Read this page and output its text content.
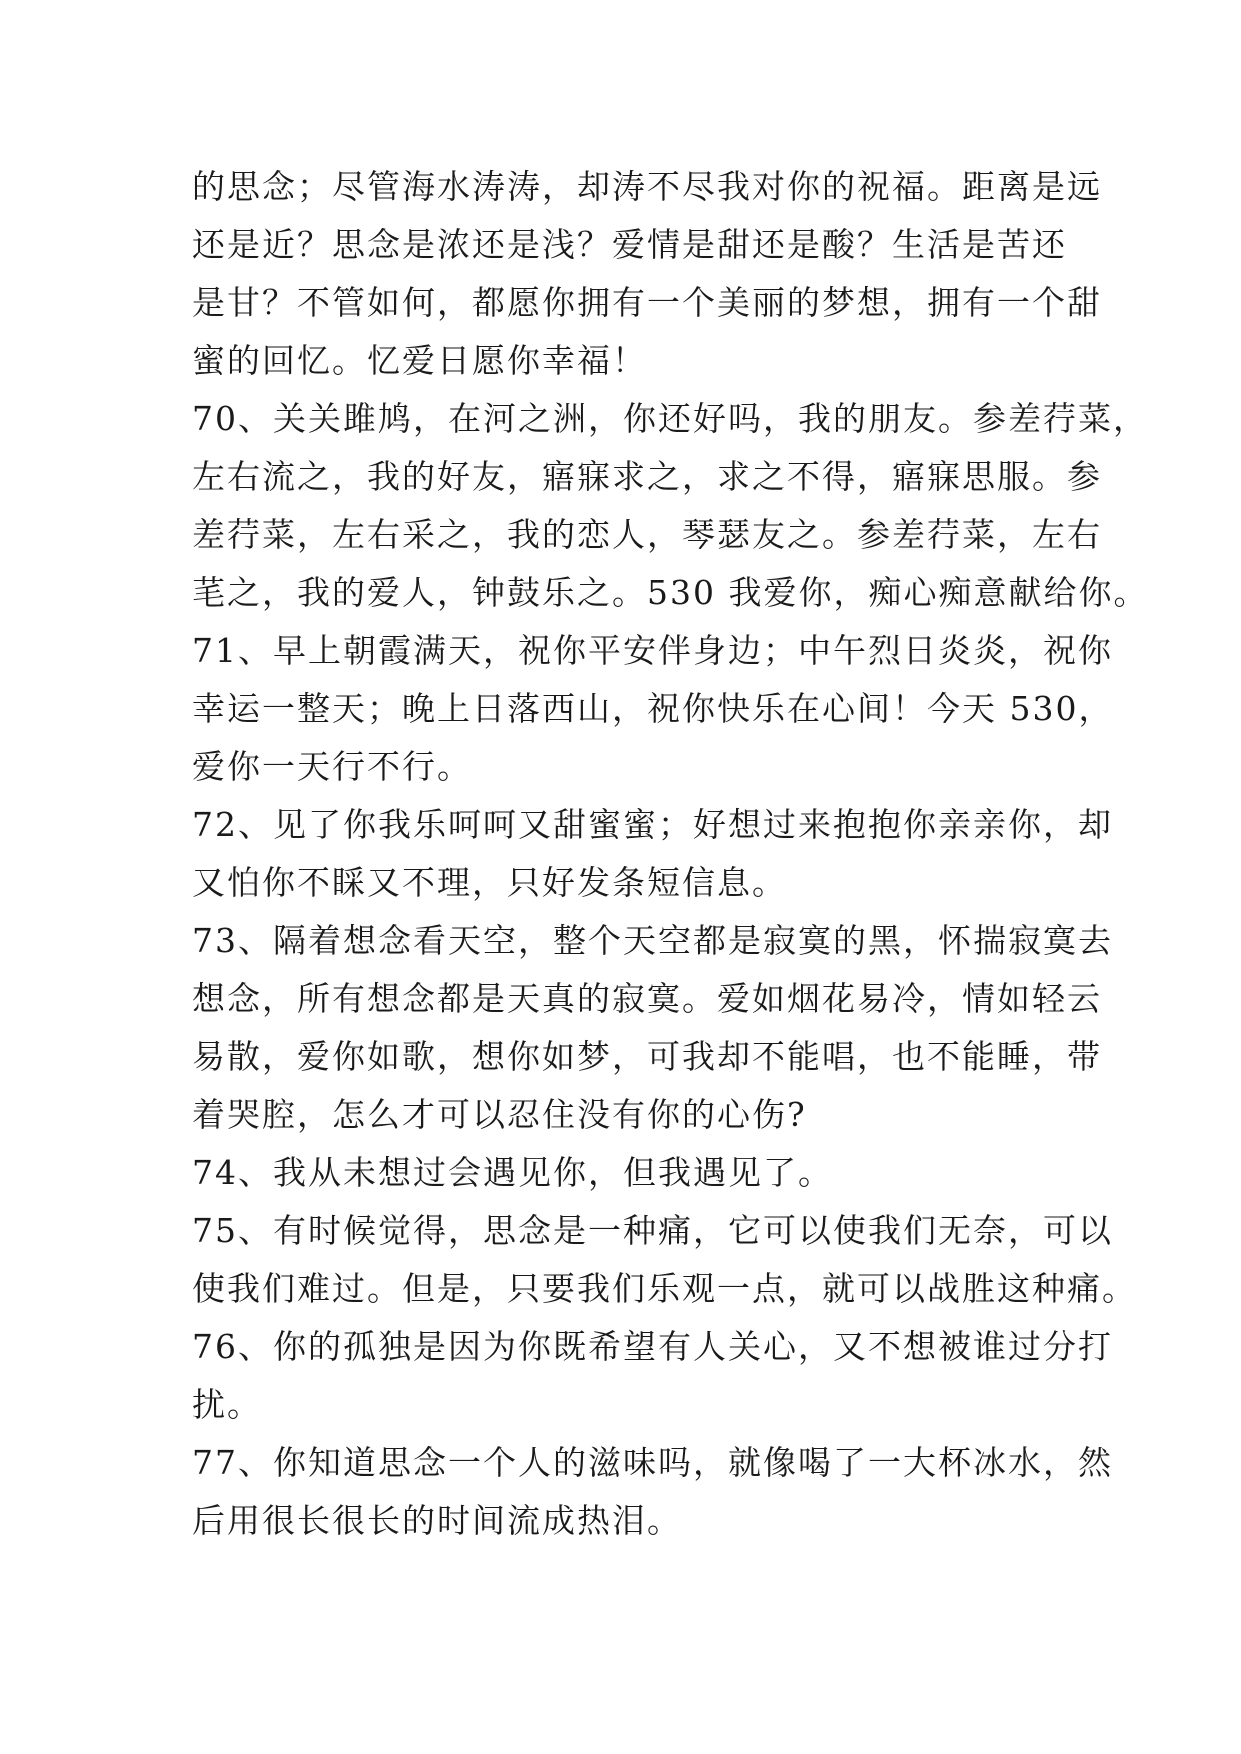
的思念；尽管海水涛涛，却涛不尽我对你的祝福。距离是远
还是近？思念是浓还是浅？爱情是甜还是酸？生活是苦还
是甘？不管如何，都愿你拥有一个美丽的梦想，拥有一个甜
蜜的回忆。忆爱日愿你幸福！
70、关关雎鸠，在河之洲，你还好吗，我的朋友。参差荇菜，
左右流之，我的好友，寤寐求之，求之不得，寤寐思服。参
差荇菜，左右采之，我的恋人，琴瑟友之。参差荇菜，左右
芼之，我的爱人，钟鼓乐之。530 我爱你，痴心痴意献给你。
71、早上朝霞满天，祝你平安伴身边；中午烈日炎炎，祝你
幸运一整天；晚上日落西山，祝你快乐在心间！今天 530，
爱你一天行不行。
72、见了你我乐呵呵又甜蜜蜜；好想过来抱抱你亲亲你，却
又怕你不睬又不理，只好发条短信息。
73、隔着想念看天空，整个天空都是寂寞的黑，怀揣寂寞去
想念，所有想念都是天真的寂寞。爱如烟花易冷，情如轻云
易散，爱你如歌，想你如梦，可我却不能唱，也不能睡，带
着哭腔，怎么才可以忍住没有你的心伤?
74、我从未想过会遇见你，但我遇见了。
75、有时候觉得，思念是一种痛，它可以使我们无奈，可以
使我们难过。但是，只要我们乐观一点，就可以战胜这种痛。
76、你的孤独是因为你既希望有人关心，又不想被谁过分打
扰。
77、你知道思念一个人的滋味吗，就像喝了一大杯冰水，然
后用很长很长的时间流成热泪。
